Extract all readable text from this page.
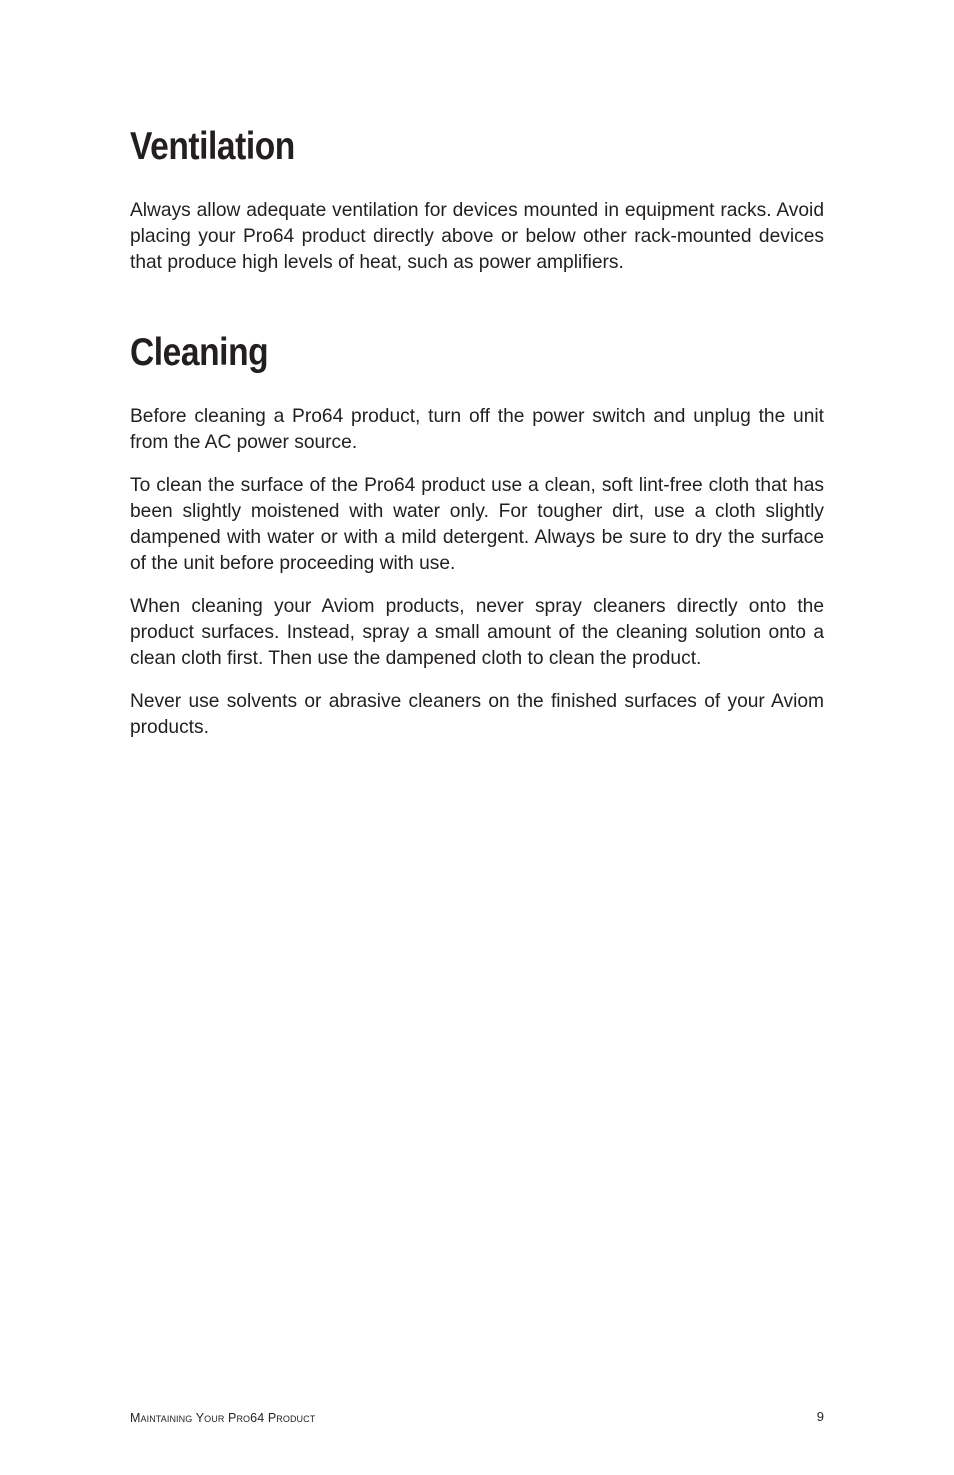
Ventilation

Always allow adequate ventilation for devices mounted in equipment racks. Avoid placing your Pro64 product directly above or below other rack-mounted devices that produce high levels of heat, such as power amplifiers.

Cleaning

Before cleaning a Pro64 product, turn off the power switch and unplug the unit from the AC power source.

To clean the surface of the Pro64 product use a clean, soft lint-free cloth that has been slightly moistened with water only. For tougher dirt, use a cloth slightly dampened with water or with a mild detergent. Always be sure to dry the surface of the unit before proceeding with use.

When cleaning your Aviom products, never spray cleaners directly onto the product surfaces. Instead, spray a small amount of the cleaning solution onto a clean cloth first. Then use the dampened cloth to clean the product.

Never use solvents or abrasive cleaners on the finished surfaces of your Aviom products.

Maintaining Your Pro64 Product	9
